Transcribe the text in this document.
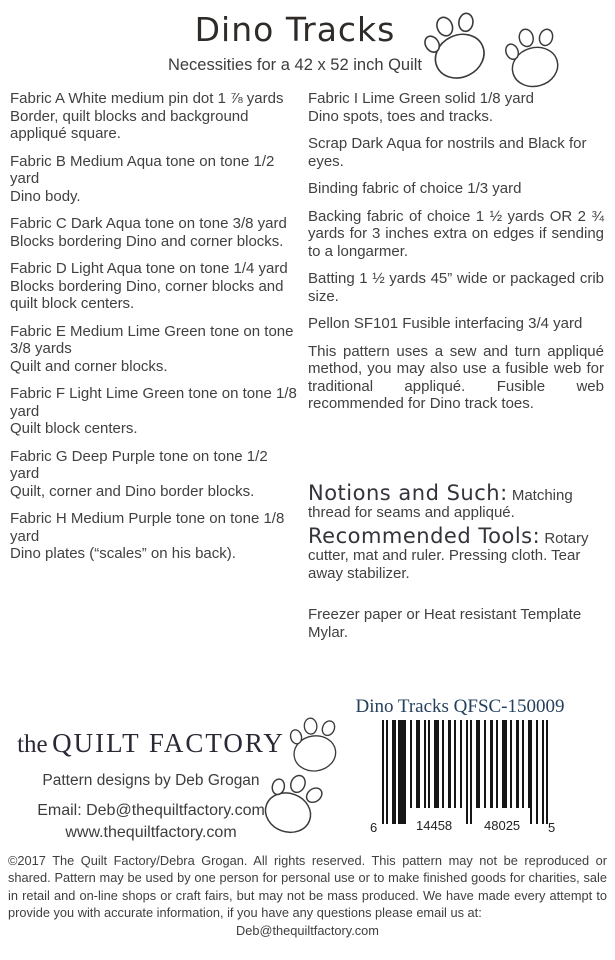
Dino Tracks
Necessities for a 42 x 52 inch Quilt
Fabric A White medium pin dot 1 ⅞ yards
Border, quilt blocks and background appliqué square.
Fabric B Medium Aqua tone on tone 1/2 yard
Dino body.
Fabric C Dark Aqua tone on tone 3/8 yard
Blocks bordering Dino and corner blocks.
Fabric D Light Aqua tone on tone 1/4 yard
Blocks bordering Dino, corner blocks and quilt block centers.
Fabric E Medium Lime Green tone on tone 3/8 yards
Quilt and corner blocks.
Fabric F Light Lime Green tone on tone 1/8 yard
Quilt block centers.
Fabric G Deep Purple tone on tone 1/2 yard
Quilt, corner and Dino border blocks.
Fabric H Medium Purple tone on tone 1/8 yard
Dino plates (“scales” on his back).
Fabric I Lime Green solid 1/8 yard
Dino spots, toes and tracks.

Scrap Dark Aqua for nostrils and Black for eyes.

Binding fabric of choice 1/3 yard

Backing fabric of choice 1 ½ yards OR 2 ¾ yards for 3 inches extra on edges if sending to a longarmer.

Batting 1 ½ yards 45” wide or packaged crib size.

Pellon SF101 Fusible interfacing 3/4 yard

This pattern uses a sew and turn appliqué method, you may also use a fusible web for traditional appliqué. Fusible web recommended for Dino track toes.

Notions and Such: Matching thread for seams and appliqué.
Recommended Tools: Rotary cutter, mat and ruler. Pressing cloth. Tear away stabilizer.

Freezer paper or Heat resistant Template Mylar.

the QUILT FACTORY
Pattern designs by Deb Grogan
Email: Deb@thequiltfactory.com
www.thequiltfactory.com
Dino Tracks QFSC-150009
6	14458 48025 5

©2017 The Quilt Factory/Debra Grogan. All rights reserved. This pattern may not be reproduced or shared. Pattern may be used by one person for personal use or to make finished goods for charities, sale in retail and on-line shops or craft fairs, but may not be mass produced. We have made every attempt to provide you with accurate information, if you have any questions please email us at:

Deb@thequiltfactory.com
